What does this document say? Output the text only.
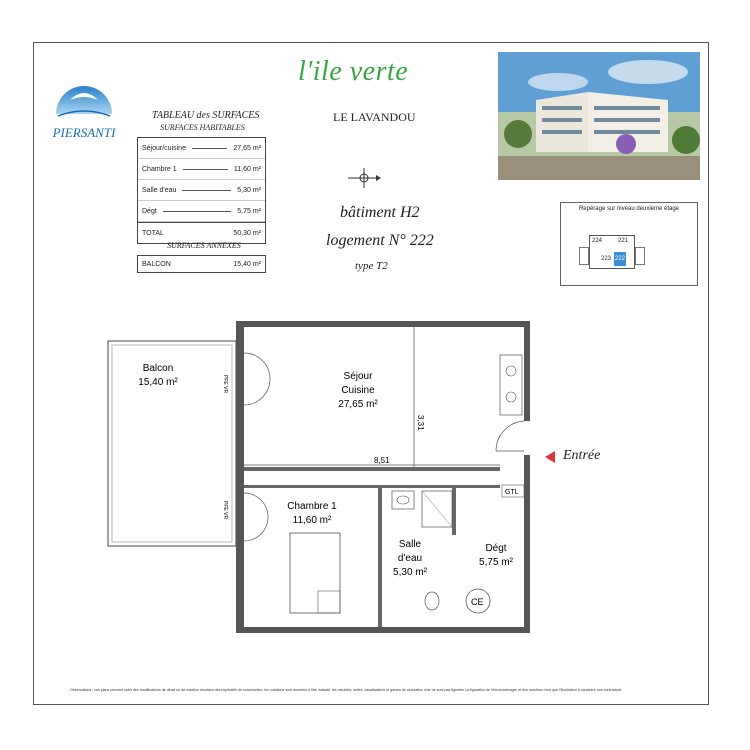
PIERSANTI
l'ile verte
LE LAVANDOU
TABLEAU des SURFACES
SURFACES HABITABLES
Séjour/cuisine	27,65 m²
Chambre 1	11,60 m²
Salle d'eau	5,30 m²
Dégt	5,75 m²
TOTAL	50,30 m²
SURFACES ANNEXES
BALCON	15,40 m²
bâtiment H2
logement N° 222
type T2
Repérage sur niveau deuxième étage
224	221
223 222
8,51
3,31
PFE VR
PFE VR
CE
GTL
Balcon
15,40 m²
Séjour
Cuisine
27,65 m²
Chambre 1
11,60 m²
Salle
d'eau
5,30 m²
Dégt
5,75 m²
Entrée
Observations : ces plans peuvent subir des modifications de détail ou de cotation résultant des impératifs de construction, les cotations sont données à titre indicatif, les meubles, selles, canalisations et gaines de circulation d'air ne sont pas figurées La figuration de l'électroménager et des meubles n'est que l'illustration à caractère non contractuel.
